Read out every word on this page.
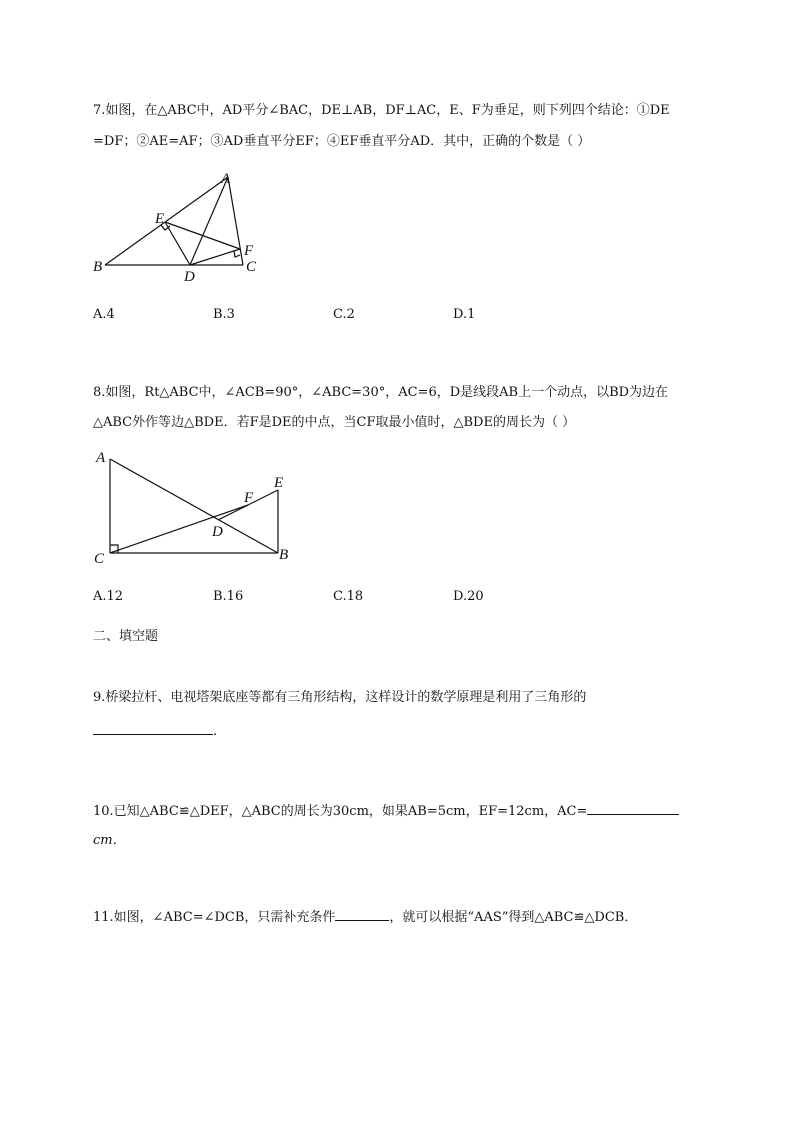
7.如图，在△ABC中，AD平分∠BAC，DE⊥AB，DF⊥AC，E、F为垂足，则下列四个结论：①DE
=DF；②AE=AF；③AD垂直平分EF；④EF垂直平分AD．其中，正确的个数是（ ）
A
B	C
D
E
F
A.4	B.3	C.2	D.1
8.如图，Rt△ABC中，∠ACB=90°，∠ABC=30°，AC=6，D是线段AB上一个动点，以BD为边在
△ABC外作等边△BDE．若F是DE的中点，当CF取最小值时，△BDE的周长为（ ）
A
C	B
E
F
D
A.12	B.16	C.18	D.20
二、填空题
9.桥梁拉杆、电视塔架底座等都有三角形结构，这样设计的数学原理是利用了三角形的
.
10.已知△ABC≌△DEF，△ABC的周长为30cm，如果AB=5cm，EF=12cm，AC=
cm．
11.如图，∠ABC=∠DCB，只需补充条件	，就可以根据“AAS”得到△ABC≌△DCB．
